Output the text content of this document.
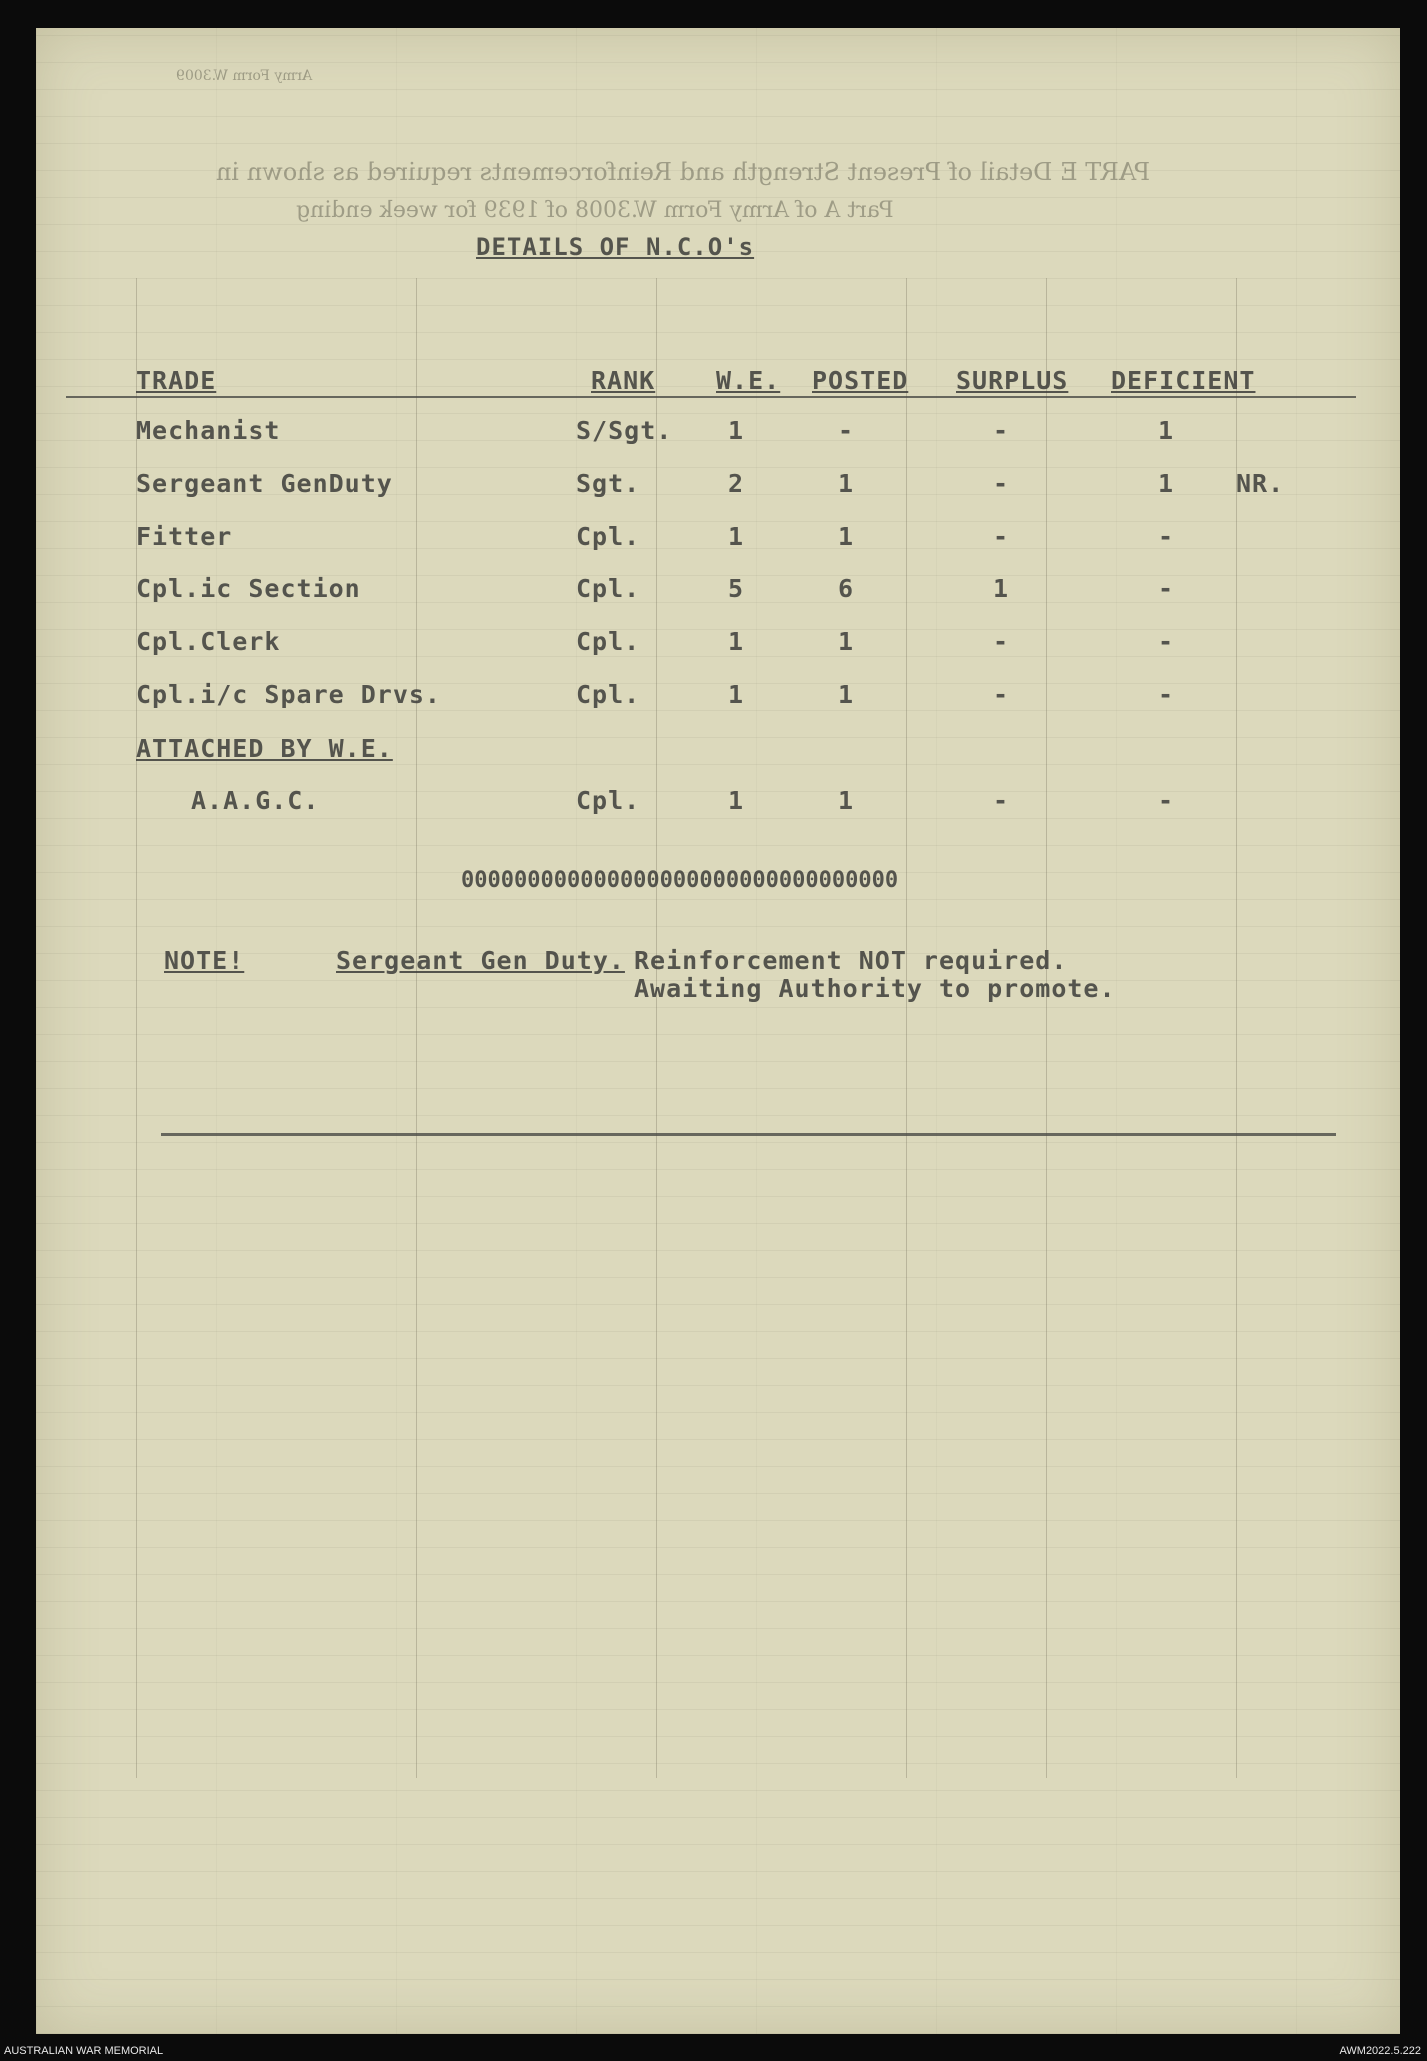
Army Form W.3009
PART E Detail of Present Strength and Reinforcements required as shown in
Part A of Army Form W.3008 of 1939 for week ending
DETAILS OF N.C.O's
TRADE	RANK W.E. POSTED SURPLUS DEFICIENT
Mechanist	S/Sgt.	1	-	-	1
Sergeant GenDuty	Sgt.	2	1	-	1	NR.
Fitter	Cpl.	1	1	-	-
Cpl.ic Section	Cpl.	5	6	1	-
Cpl.Clerk	Cpl.	1	1	-	-
Cpl.i/c Spare Drvs.	Cpl.	1	1	-	-
ATTACHED BY W.E.
A.A.G.C.	Cpl.	1	1	-	-
000000000000000000000000000000000
NOTE!	Sergeant Gen Duty. Reinforcement NOT required.
Awaiting Authority to promote.
AUSTRALIAN WAR MEMORIAL	AWM2022.5.222
